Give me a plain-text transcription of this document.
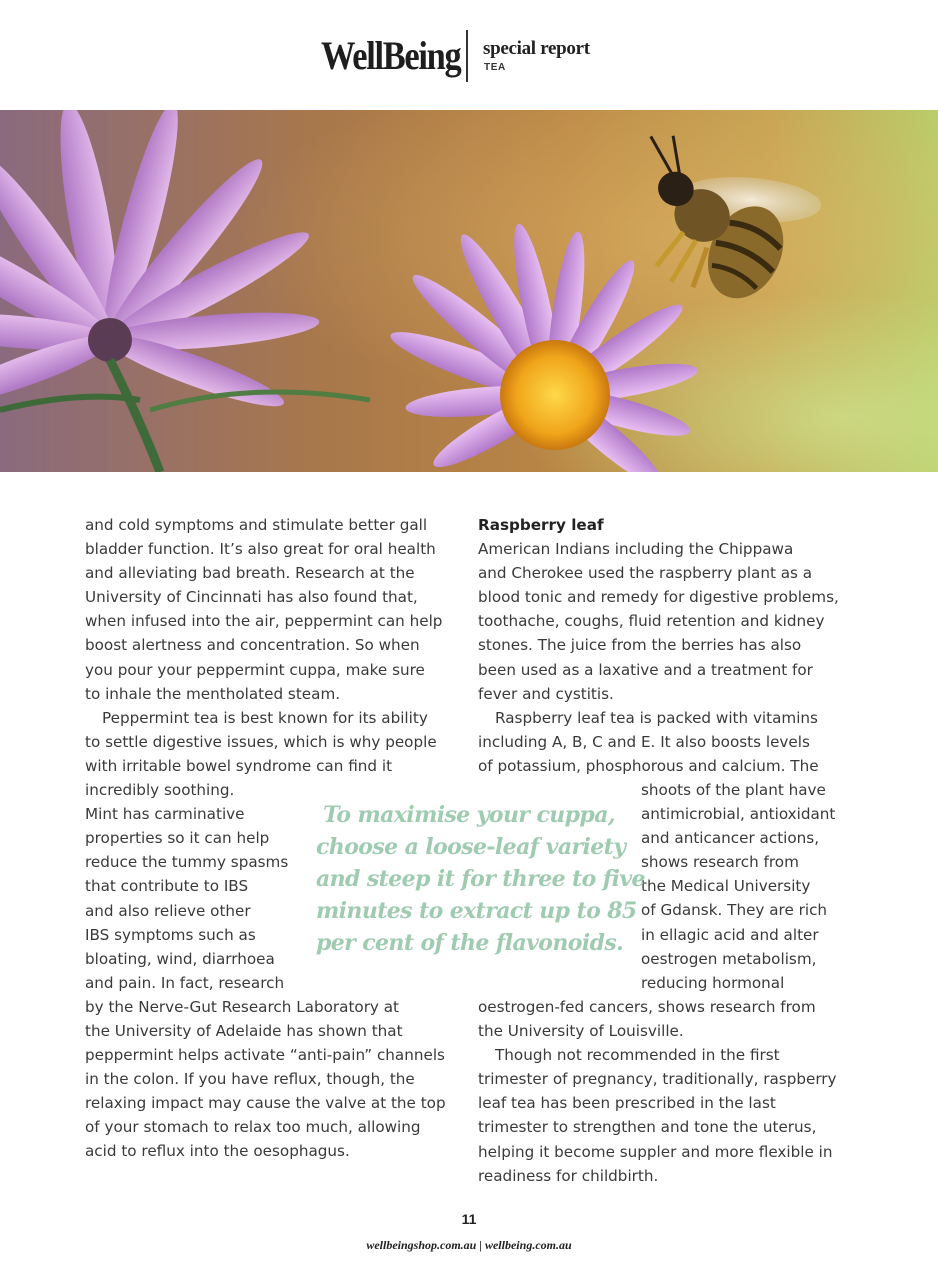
WellBeing special report
TEA

and cold symptoms and stimulate better gall

bladder function. It’s also great for oral health

and alleviating bad breath. Research at the

University of Cincinnati has also found that,

when infused into the air, peppermint can help

boost alertness and concentration. So when

you pour your peppermint cuppa, make sure

to inhale the mentholated steam.

Peppermint tea is best known for its ability

to settle digestive issues, which is why people

with irritable bowel syndrome can find it

incredibly soothing.

Mint has carminative

properties so it can help

reduce the tummy spasms

that contribute to IBS

and also relieve other

IBS symptoms such as

bloating, wind, diarrhoea

and pain. In fact, research

by the Nerve-Gut Research Laboratory at

the University of Adelaide has shown that

peppermint helps activate “anti-pain” channels

in the colon. If you have reflux, though, the

relaxing impact may cause the valve at the top

of your stomach to relax too much, allowing

acid to reflux into the oesophagus.

Raspberry leaf

American Indians including the Chippawa

and Cherokee used the raspberry plant as a

blood tonic and remedy for digestive problems,

toothache, coughs, fluid retention and kidney

stones. The juice from the berries has also

been used as a laxative and a treatment for

fever and cystitis.

Raspberry leaf tea is packed with vitamins

including A, B, C and E. It also boosts levels

of potassium, phosphorous and calcium. The

shoots of the plant have

antimicrobial, antioxidant

and anticancer actions,

shows research from

the Medical University

of Gdansk. They are rich

in ellagic acid and alter

oestrogen metabolism,

reducing hormonal

oestrogen-fed cancers, shows research from

the University of Louisville.

Though not recommended in the first

trimester of pregnancy, traditionally, raspberry

leaf tea has been prescribed in the last

trimester to strengthen and tone the uterus,

helping it become suppler and more flexible in

readiness for childbirth.

To maximise your cuppa,

choose a loose-leaf variety

and steep it for three to five

minutes to extract up to 85

per cent of the flavonoids.

11
wellbeingshop.com.au | wellbeing.com.au
